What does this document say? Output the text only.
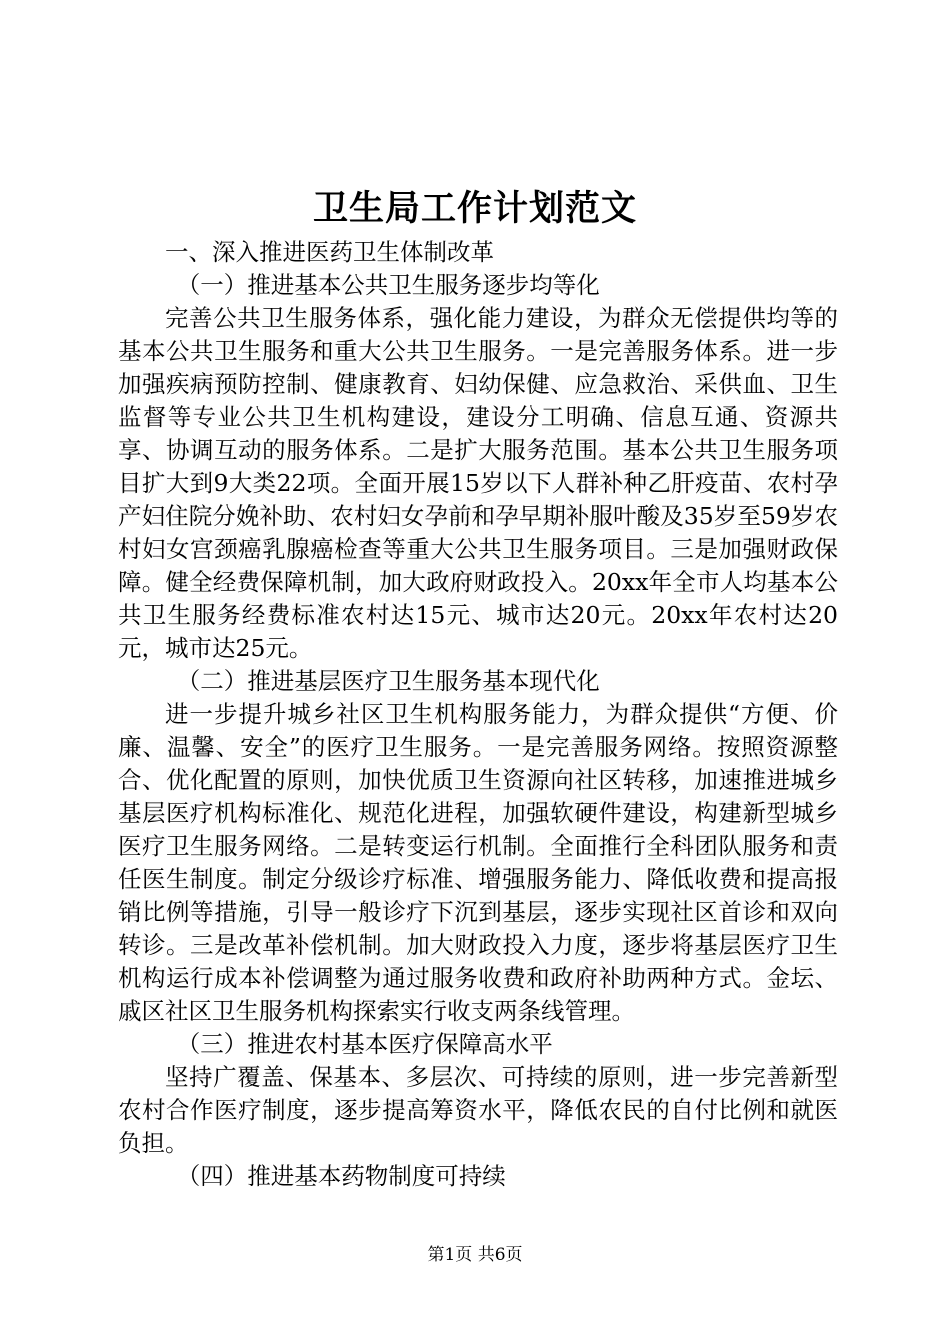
卫生局工作计划范文

一、深入推进医药卫生体制改革

（一）推进基本公共卫生服务逐步均等化

完善公共卫生服务体系，强化能力建设，为群众无偿提供均等的基本公共卫生服务和重大公共卫生服务。一是完善服务体系。进一步加强疾病预防控制、健康教育、妇幼保健、应急救治、采供血、卫生监督等专业公共卫生机构建设，建设分工明确、信息互通、资源共享、协调互动的服务体系。二是扩大服务范围。基本公共卫生服务项目扩大到9大类22项。全面开展15岁以下人群补种乙肝疫苗、农村孕产妇住院分娩补助、农村妇女孕前和孕早期补服叶酸及35岁至59岁农村妇女宫颈癌乳腺癌检查等重大公共卫生服务项目。三是加强财政保障。健全经费保障机制，加大政府财政投入。20xx年全市人均基本公共卫生服务经费标准农村达15元、城市达20元。20xx年农村达20元，城市达25元。

（二）推进基层医疗卫生服务基本现代化

进一步提升城乡社区卫生机构服务能力，为群众提供“方便、价廉、温馨、安全”的医疗卫生服务。一是完善服务网络。按照资源整合、优化配置的原则，加快优质卫生资源向社区转移，加速推进城乡基层医疗机构标准化、规范化进程，加强软硬件建设，构建新型城乡医疗卫生服务网络。二是转变运行机制。全面推行全科团队服务和责任医生制度。制定分级诊疗标准、增强服务能力、降低收费和提高报销比例等措施，引导一般诊疗下沉到基层，逐步实现社区首诊和双向转诊。三是改革补偿机制。加大财政投入力度，逐步将基层医疗卫生机构运行成本补偿调整为通过服务收费和政府补助两种方式。金坛、戚区社区卫生服务机构探索实行收支两条线管理。

（三）推进农村基本医疗保障高水平

坚持广覆盖、保基本、多层次、可持续的原则，进一步完善新型农村合作医疗制度，逐步提高筹资水平，降低农民的自付比例和就医负担。

（四）推进基本药物制度可持续

第1页 共6页
